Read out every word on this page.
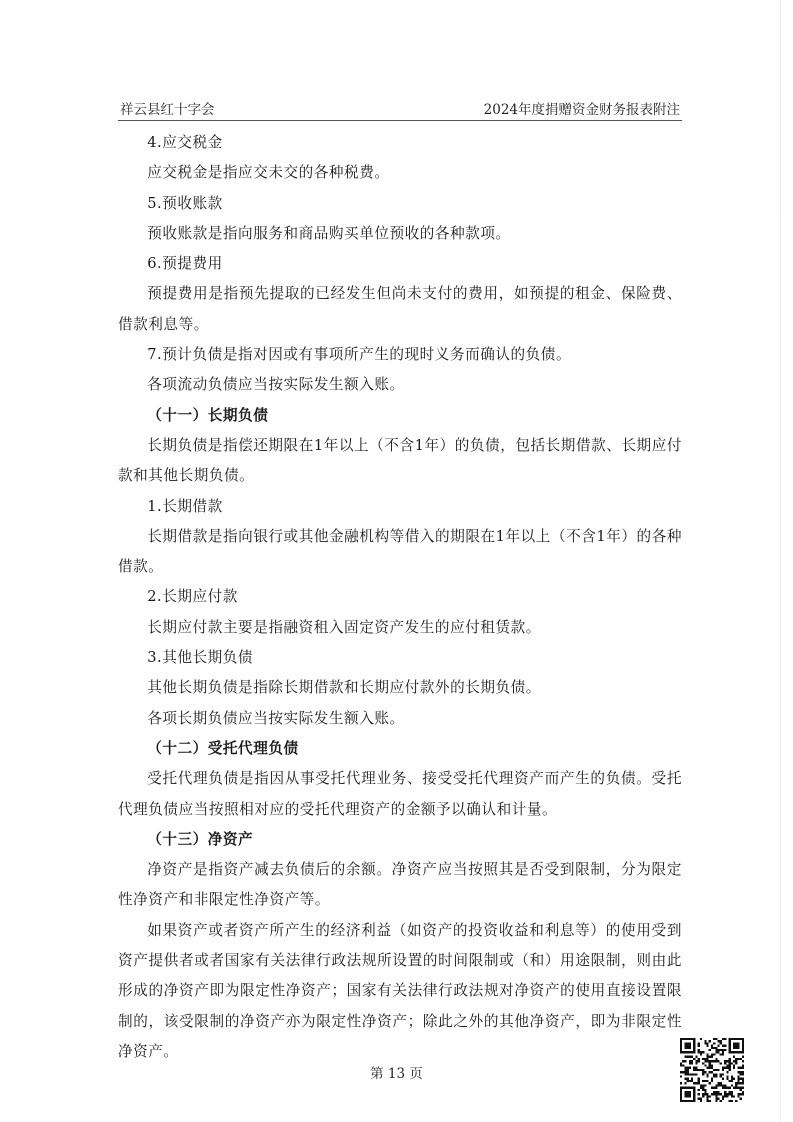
祥云县红十字会	2024年度捐赠资金财务报表附注

4.应交税金

应交税金是指应交未交的各种税费。

5.预收账款

预收账款是指向服务和商品购买单位预收的各种款项。

6.预提费用

预提费用是指预先提取的已经发生但尚未支付的费用，如预提的租金、保险费、借款利息等。

7.预计负债是指对因或有事项所产生的现时义务而确认的负债。

各项流动负债应当按实际发生额入账。

（十一）长期负债

长期负债是指偿还期限在1年以上（不含1年）的负债，包括长期借款、长期应付款和其他长期负债。

1.长期借款

长期借款是指向银行或其他金融机构等借入的期限在1年以上（不含1年）的各种借款。

2.长期应付款

长期应付款主要是指融资租入固定资产发生的应付租赁款。

3.其他长期负债

其他长期负债是指除长期借款和长期应付款外的长期负债。

各项长期负债应当按实际发生额入账。

（十二）受托代理负债

受托代理负债是指因从事受托代理业务、接受受托代理资产而产生的负债。受托代理负债应当按照相对应的受托代理资产的金额予以确认和计量。

（十三）净资产

净资产是指资产减去负债后的余额。净资产应当按照其是否受到限制，分为限定性净资产和非限定性净资产等。

如果资产或者资产所产生的经济利益（如资产的投资收益和利息等）的使用受到资产提供者或者国家有关法律行政法规所设置的时间限制或（和）用途限制，则由此形成的净资产即为限定性净资产；国家有关法律行政法规对净资产的使用直接设置限制的，该受限制的净资产亦为限定性净资产；除此之外的其他净资产，即为非限定性净资产。

第 13 页
